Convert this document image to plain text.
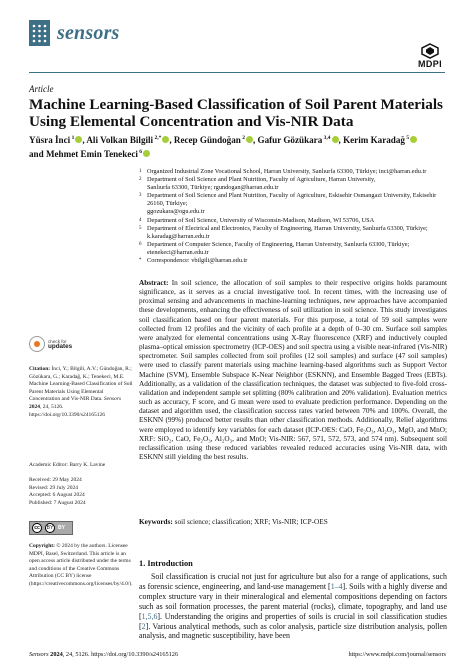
sensors
MDPI
Article
Machine Learning-Based Classification of Soil Parent Materials Using Elemental Concentration and Vis-NIR Data
Yüsra İnci $^1$ , Ali Volkan Bilgili $^{2,*}$ , Recep Gündoğan $^2$ , Gafur Gözükara $^{3,4}$ , Kerim Karadağ $^5$
and Mehmet Emin Tenekeci $^6$
1 Organized Industrial Zone Vocational School, Harran University, Sanlıurfa 63300, Türkiye; inci@harran.edu.tr
2 Department of Soil Science and Plant Nutrition, Faculty of Agriculture, Harran University,
Sanlıurfa 63300, Türkiye; rgundogan@harran.edu.tr
3 Department of Soil Science and Plant Nutrition, Faculty of Agriculture, Eskisehir Osmangazi University, Eskisehir 26160, Türkiye;
ggozukara@ogu.edu.tr
4 Department of Soil Science, University of Wisconsin-Madison, Madison, WI 53706, USA
5 Department of Electrical and Electronics, Faculty of Engineering, Harran University, Sanlıurfa 63300, Türkiye;
k.karadag@harran.edu.tr
6 Department of Computer Science, Faculty of Engineering, Harran University, Sanlıurfa 63300, Türkiye;
etenekeci@harran.edu.tr
* Correspondence: vbilgili@harran.edu.tr
Abstract: In soil science, the allocation of soil samples to their respective origins holds paramount significance, as it serves as a crucial investigative tool. In recent times, with the increasing use of proximal sensing and advancements in machine-learning techniques, new approaches have accompanied these developments, enhancing the effectiveness of soil utilization in soil science. This study investigates soil classification based on four parent materials. For this purpose, a total of 59 soil samples were collected from 12 profiles and the vicinity of each profile at a depth of 0–30 cm. Surface soil samples were analyzed for elemental concentrations using X-Ray fluorescence (XRF) and inductively coupled plasma–optical emission spectrometry (ICP-OES) and soil spectra using a visible near-infrared (Vis-NIR) spectrometer. Soil samples collected from soil profiles (12 soil samples) and surface (47 soil samples) were used to classify parent materials using machine learning-based algorithms such as Support Vector Machine (SVM), Ensemble Subspace K-Near Neighbor (ESKNN), and Ensemble Bagged Trees (EBTs). Additionally, as a validation of the classification techniques, the dataset was subjected to five-fold cross-validation and independent sample set splitting (80% calibration and 20% validation). Evaluation metrics such as accuracy, F score, and G mean were used to evaluate prediction performance. Depending on the dataset and algorithm used, the classification success rates varied between 70% and 100%. Overall, the ESKNN (99%) produced better results than other classification methods. Additionally, Relief algorithms were employed to identify key variables for each dataset (ICP-OES: CaO, Fe₂O₃, Al₂O₃, MgO, and MnO; XRF: SiO₂, CaO, Fe₂O₃, Al₂O₃, and MnO; Vis-NIR: 567, 571, 572, 573, and 574 nm). Subsequent soil reclassification using these reduced variables revealed reduced accuracies using Vis-NIR data, with ESKNN still yielding the best results.
Keywords: soil science; classification; XRF; Vis-NIR; ICP-OES
1. Introduction
Soil classification is crucial not just for agriculture but also for a range of applications, such as forensic science, engineering, and land-use management [1–4]. Soils with a highly diverse and complex structure vary in their mineralogical and elemental compositions depending on factors such as soil formation processes, the parent material (rocks), climate, topography, and land use [1,5,6]. Understanding the origins and properties of soils is crucial in soil classification studies [2]. Various analytical methods, such as color analysis, particle size distribution analysis, pollen analysis, and magnetic susceptibility, have been
check for
updates
Citation: İnci, Y.; Bilgili, A.V.; Gündoğan, R.; Gözükara, G.; Karadağ, K.; Tenekeci, M.E. Machine Learning-Based Classification of Soil Parent Materials Using Elemental Concentration and Vis-NIR Data. Sensors 2024, 24, 5126. https://doi.org/10.3390/s24165126
Academic Editor: Barry K. Lavine
Received: 29 May 2024
Revised: 29 July 2024
Accepted: 6 August 2024
Published: 7 August 2024
cc	BY BY
Copyright: © 2024 by the authors. Licensee MDPI, Basel, Switzerland. This article is an open access article distributed under the terms and conditions of the Creative Commons Attribution (CC BY) license (https://creativecommons.org/licenses/by/4.0/).
Sensors 2024, 24, 5126. https://doi.org/10.3390/s24165126	https://www.mdpi.com/journal/sensors
